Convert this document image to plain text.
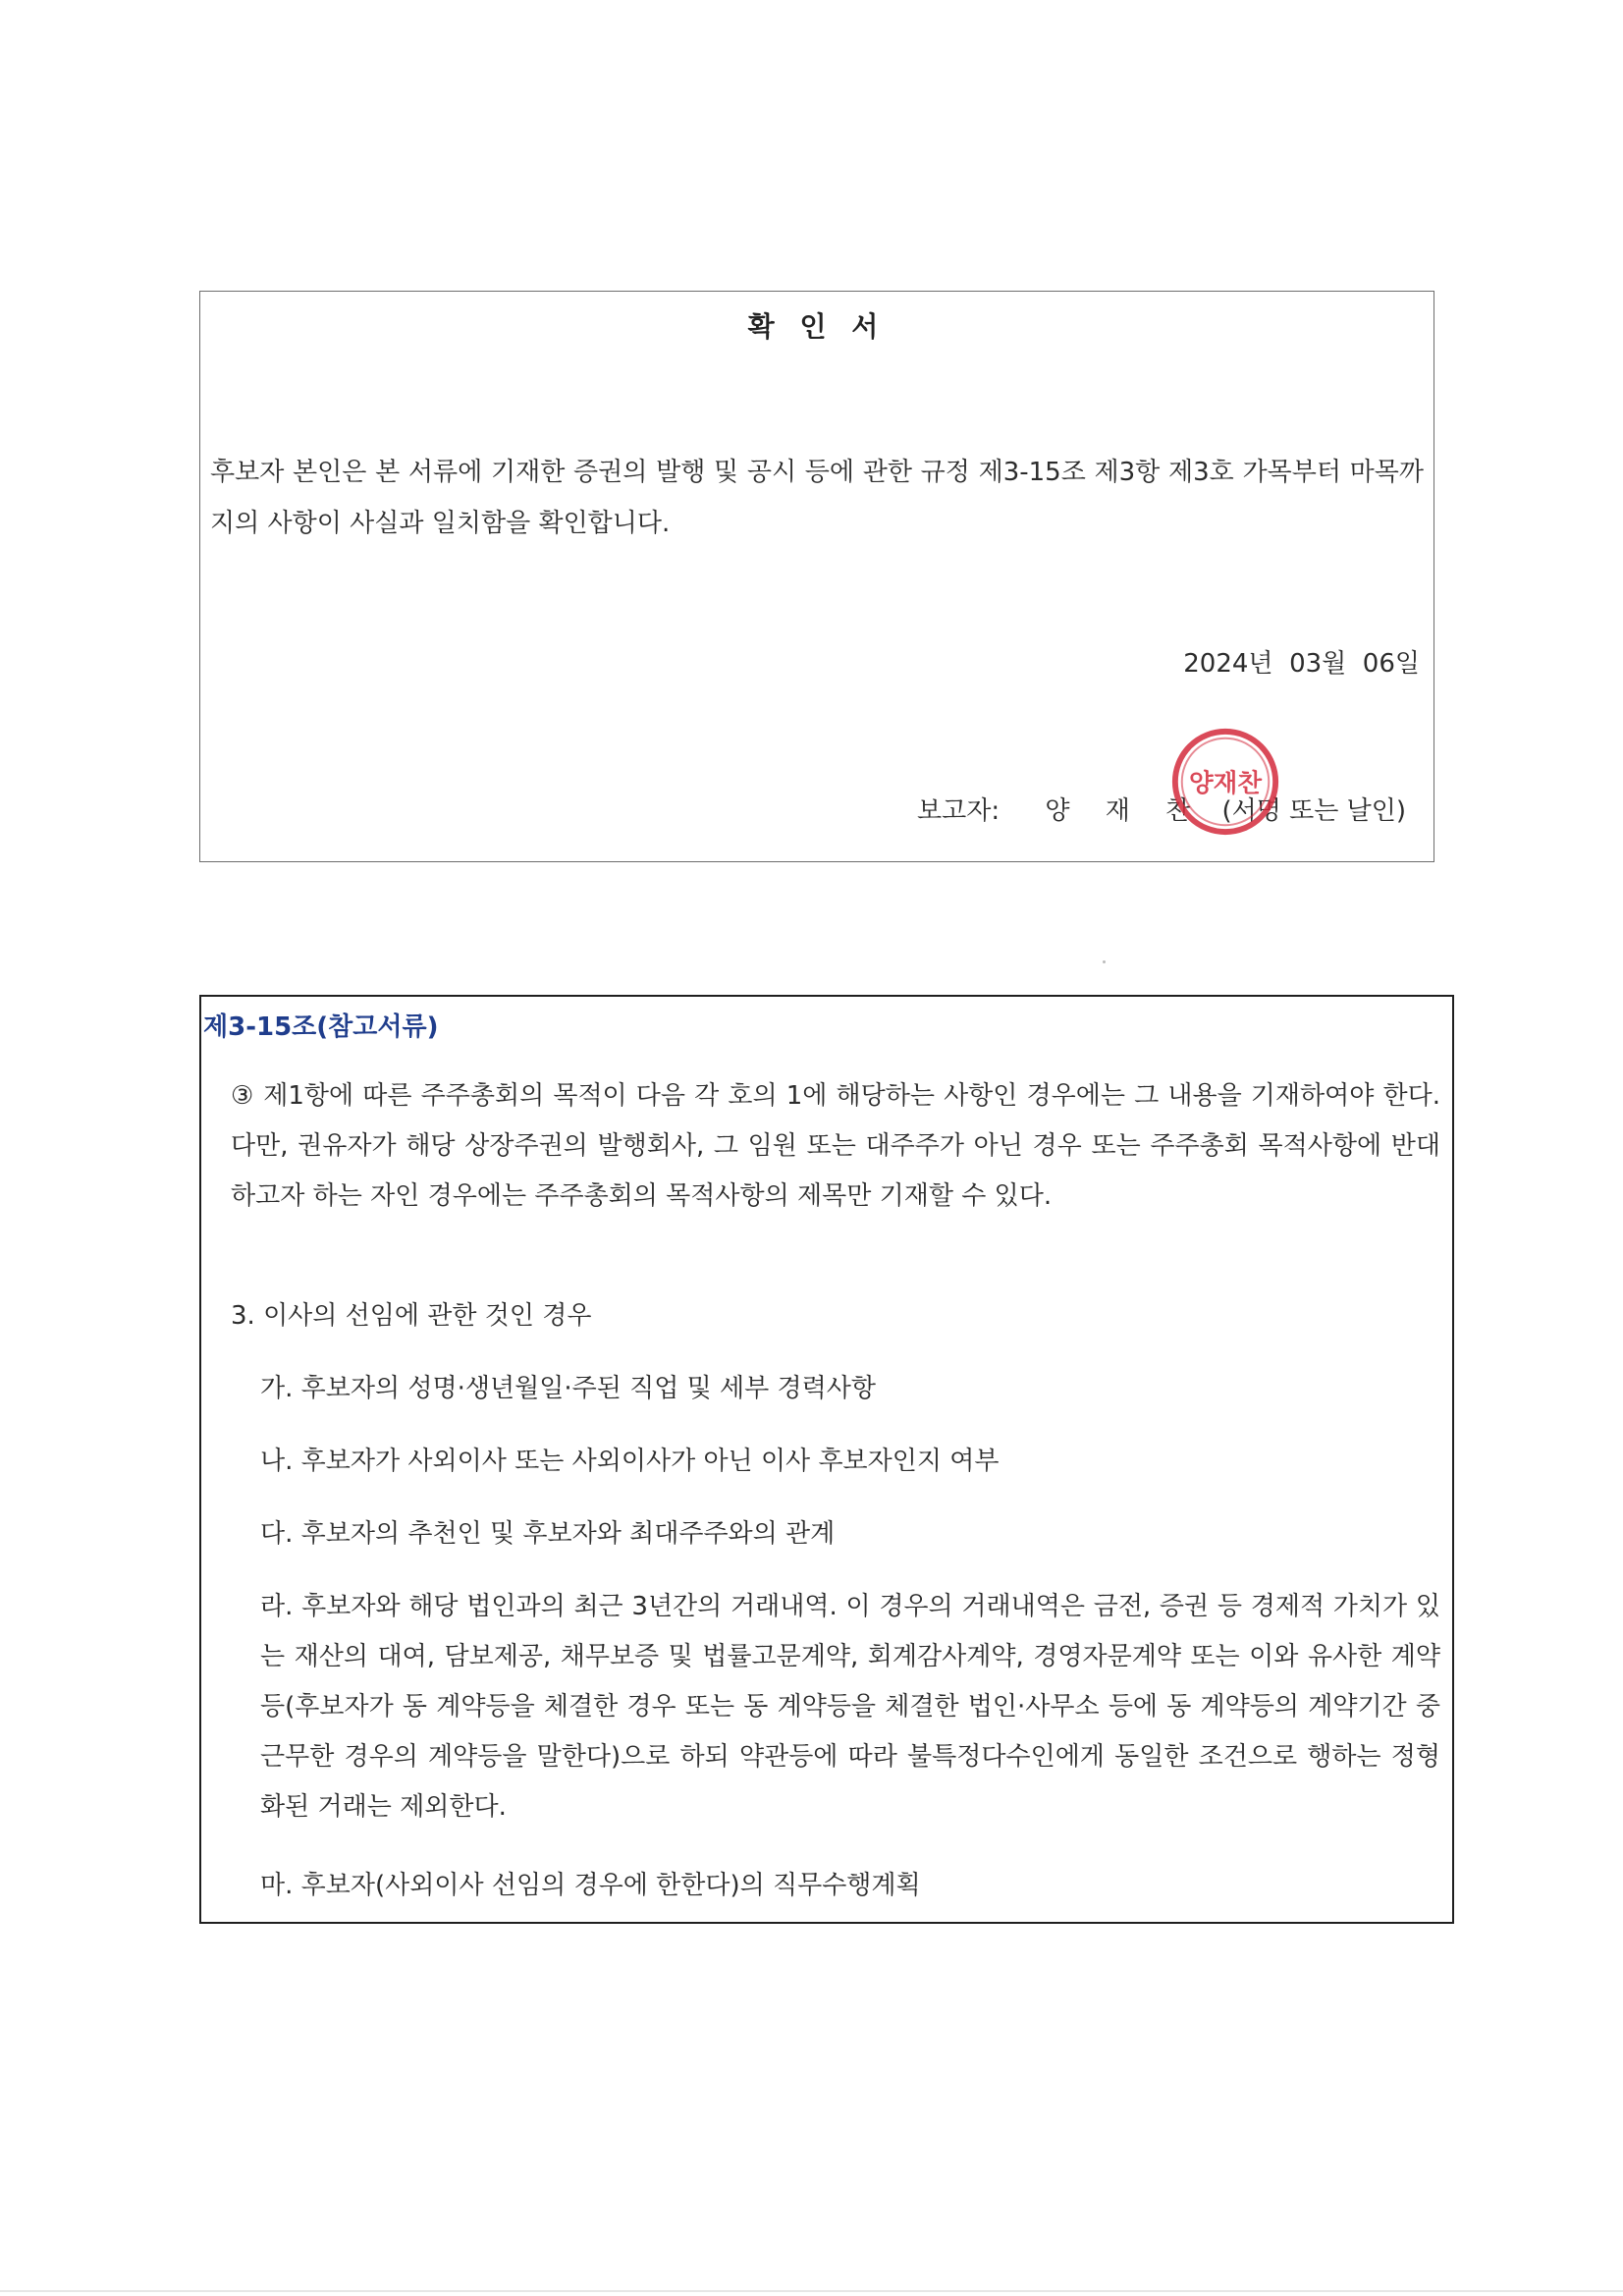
확 인 서
후보자 본인은 본 서류에 기재한 증권의 발행 및 공시 등에 관한 규정 제3-15조 제3항 제3호 가목부터 마목까지의 사항이 사실과 일치함을 확인합니다.
2024년  03월  06일
보고자: 양 재 찬 (서명 또는 날인)
양재찬
제3-15조(참고서류)
③ 제1항에 따른 주주총회의 목적이 다음 각 호의 1에 해당하는 사항인 경우에는 그 내용을 기재하여야 한다. 다만, 권유자가 해당 상장주권의 발행회사, 그 임원 또는 대주주가 아닌 경우 또는 주주총회 목적사항에 반대하고자 하는 자인 경우에는 주주총회의 목적사항의 제목만 기재할 수 있다.
3. 이사의 선임에 관한 것인 경우
가. 후보자의 성명·생년월일·주된 직업 및 세부 경력사항
나. 후보자가 사외이사 또는 사외이사가 아닌 이사 후보자인지 여부
다. 후보자의 추천인 및 후보자와 최대주주와의 관계
라. 후보자와 해당 법인과의 최근 3년간의 거래내역. 이 경우의 거래내역은 금전, 증권 등 경제적 가치가 있는 재산의 대여, 담보제공, 채무보증 및 법률고문계약, 회계감사계약, 경영자문계약 또는 이와 유사한 계약등(후보자가 동 계약등을 체결한 경우 또는 동 계약등을 체결한 법인·사무소 등에 동 계약등의 계약기간 중 근무한 경우의 계약등을 말한다)으로 하되 약관등에 따라 불특정다수인에게 동일한 조건으로 행하는 정형화된 거래는 제외한다.
마. 후보자(사외이사 선임의 경우에 한한다)의 직무수행계획
